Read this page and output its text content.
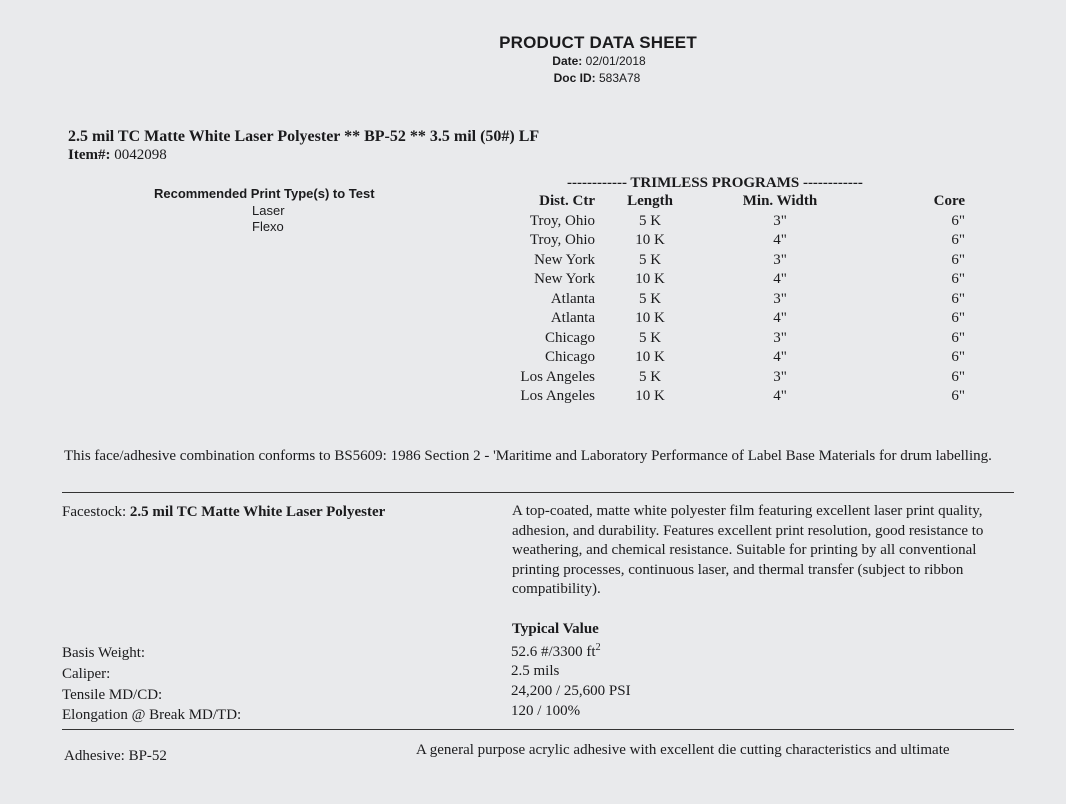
PRODUCT DATA SHEET
Date: 02/01/2018
Doc ID: 583A78
2.5 mil TC Matte White Laser Polyester ** BP-52 ** 3.5 mil (50#) LF
Item#: 0042098
Recommended Print Type(s) to Test
Laser
Flexo
------------ TRIMLESS PROGRAMS ------------
Dist. Ctr	Length	Min. Width	Core
Troy, Ohio	5 K	3"	6"
Troy, Ohio	10 K	4"	6"
New York	5 K	3"	6"
New York	10 K	4"	6"
Atlanta	5 K	3"	6"
Atlanta	10 K	4"	6"
Chicago	5 K	3"	6"
Chicago	10 K	4"	6"
Los Angeles	5 K	3"	6"
Los Angeles	10 K	4"	6"
This face/adhesive combination conforms to BS5609: 1986 Section 2 - 'Maritime and Laboratory Performance of Label Base Materials for drum labelling.
Facestock: 2.5 mil TC Matte White Laser Polyester	A top-coated, matte white polyester film featuring excellent laser print quality, adhesion, and durability. Features excellent print resolution, good resistance to weathering, and chemical resistance. Suitable for printing by all conventional printing processes, continuous laser, and thermal transfer (subject to ribbon compatibility).
Typical Value
Basis Weight:	52.6 #/3300 $ft^2$
Caliper:	2.5 mils
Tensile MD/CD:	24,200 / 25,600 PSI
Elongation @ Break MD/TD:	120 / 100%
Adhesive: BP-52	A general purpose acrylic adhesive with excellent die cutting characteristics and ultimate
